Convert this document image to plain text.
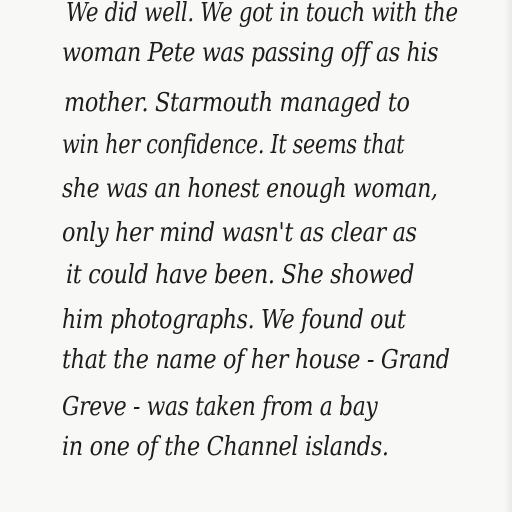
We did well. We got in touch with the
woman Pete was passing off as his
mother. Starmouth managed to
win her confidence. It seems that
she was an honest enough woman,
only her mind wasn't as clear as
it could have been. She showed
him photographs. We found out
that the name of her house - Grand
Greve - was taken from a bay
in one of the Channel islands.
